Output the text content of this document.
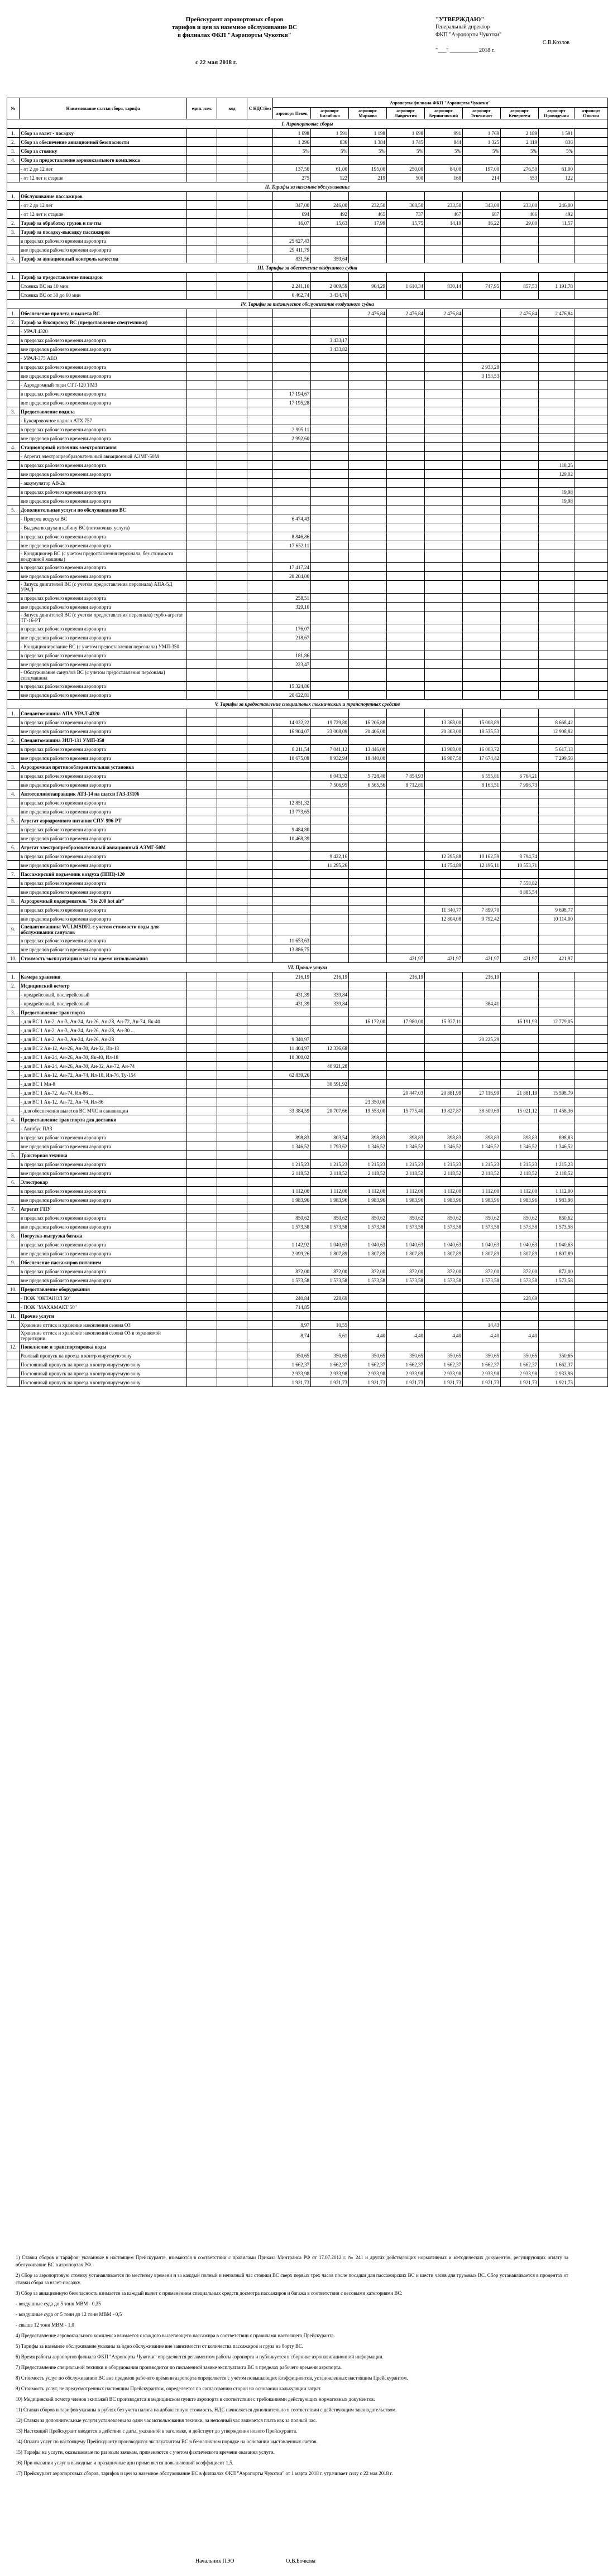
Прейскурант аэропортовых сборов
тарифов и цен за наземное обслуживание ВС
в филиалах ФКП "Аэропорты Чукотки"
с 22 мая 2018 г.
"УТВЕРЖДАЮ"
Генеральный директор
ФКП "Аэропорты Чукотки"
С.В.Козлов
"___" __________ 2018 г.
№	Наименование статьи сбора, тарифа	един. изм.	код	С НДС/Без	Аэропорты филиала ФКП "Аэропорты Чукотки"								
					аэропорт Певек	аэропорт Билибино	аэропорт Марково	аэропорт Лаврентия	аэропорт Беринговский	аэропорт Эгвекинот	аэропорт Кепервеем	аэропорт Провидения	аэропорт Омолон
I. Аэропортовые сборы													
1.	Сбор за взлет - посадку				1 698	1 591	1 198	1 698	991	1 769	2 189	1 591	
2.	Сбор за обеспечение авиационной безопасности				1 296	836	1 384	1 745	844	1 325	2 119	836	
3.	Сбор за стоянку				5%	5%	5%	5%	5%	5%	5%	5%	
4.	Сбор за предоставление аэровокзального комплекса												
	- от 2 до 12 лет				137,50	61,00	195,00	250,00	84,00	197,00	276,50	61,00	
	- от 12 лет и старше				275	122	219	500	168	214	553	122	
II. Тарифы за наземное обслуживание													
1.	Обслуживание пассажиров												
	- от 2 до 12 лет				347,00	246,00	232,50	368,50	233,50	343,00	233,00	246,00	
	- от 12 лет и старше				694	492	465	737	467	687	466	492	
2.	Тариф за обработку грузов и почты				16,07	15,63	17,99	15,75	14,19	16,22	29,00	11,57	
3.	Тариф за посадку-высадку пассажиров												
	в пределах рабочего времени аэропорта				25 627,43								
	вне пределов рабочего времени аэропорта				29 411,79								
4.	Тариф за авиационный контроль качества				831,56	359,64							
III. Тарифы за обеспечение воздушного судна													
1.	Тариф за предоставление площадок												
	Стоянка ВС на 10 мин				2 241,10	2 009,59	904,29	1 610,34	830,14	747,95	857,53	1 191,78	
	Стоянка ВС от 30 до 60 мин				6 462,74	3 434,70							
IV. Тарифы за техническое обслуживание воздушного судна													
1.	Обеспечение прилета и вылета ВС						2 476,84	2 476,84	2 476,84		2 476,84	2 476,84	
2.	Тариф за буксировку ВС (предоставление спецтехники)												
	- УРАЛ 4320												
	в пределах рабочего времени аэропорта					3 433,17							
	вне пределов рабочего времени аэропорта					3 433,82							
	- УРАЛ-375 АЕО												
	в пределах рабочего времени аэропорта									2 933,28			
	вне пределов рабочего времени аэропорта									3 153,53			
	- Аэродромный тягач СТТ-120 ТМЗ												
	в пределах рабочего времени аэропорта				17 194,67								
	вне пределов рабочего времени аэропорта				17 195,28								
3.	Предоставление водила												
	- Буксировочное водило АТХ 757												
	в пределах рабочего времени аэропорта				2 995,11								
	вне пределов рабочего времени аэропорта				2 992,60								
4.	Стационарный источник электропитания												
	- Агрегат электропреобразовательный авиационный АЭМГ-50М												
	в пределах рабочего времени аэропорта											118,25	
	вне пределов рабочего времени аэропорта											129,02	
	- аккумулятор АВ-2к												
	в пределах рабочего времени аэропорта											19,98	
	вне пределов рабочего времени аэропорта											19,98	
5.	Дополнительные услуги по обслуживанию ВС												
	- Прогрев воздуха ВС				6 474,43								
	- Выдача воздуха в кабину ВС (потолочная услуга)												
	в пределах рабочего времени аэропорта				8 846,86								
	вне пределов рабочего времени аэропорта				17 652,11								
	- Кондиционер ВС (с учетом предоставления персонала, без стоимости воздушной машины)												
	в пределах рабочего времени аэропорта				17 417,24								
	вне пределов рабочего времени аэропорта				20 204,00								
	- Запуск двигателей ВС (с учетом предоставления персонала) АПА-5Д УРАЛ												
	в пределах рабочего времени аэропорта				258,51								
	вне пределов рабочего времени аэропорта				329,10								
	- Запуск двигателей ВС (с учетом предоставления персонала) турбо-агрегат ТГ-16-РТ												
	в пределах рабочего времени аэропорта				176,07								
	вне пределов рабочего времени аэропорта				218,67								
	- Кондиционирование ВС (с учетом предоставления персонала) УМП-350												
	в пределах рабочего времени аэропорта				181,86								
	вне пределов рабочего времени аэропорта				223,47								
	- Обслуживание санузлов ВС (с учетом предоставления персонала) спецмашина												
	в пределах рабочего времени аэропорта				15 324,86								
	вне пределов рабочего времени аэропорта				20 622,81								
V. Тарифы за предоставление специальных технических и транспортных средств													
1.	Спецавтомашина АПА УРАЛ-4320												
	в пределах рабочего времени аэропорта				14 032,22	19 729,80	16 206,88		13 368,00	15 008,89		8 668,42	
	вне пределов рабочего времени аэропорта				16 904,07	23 008,09	20 406,00		20 303,00	18 535,53		12 908,82	
2.	Спецавтомашина ЗИЛ-131 УМП-350												
	в пределах рабочего времени аэропорта				8 211,54	7 041,12	13 446,00		13 908,00	16 003,72		5 617,13	
	вне пределов рабочего времени аэропорта				10 675,08	9 932,94	18 440,00		16 987,50	17 674,42		7 299,56	
3.	Аэродромная противообледенительная установка												
	в пределах рабочего времени аэропорта					6 043,32	5 728,40	7 854,93		6 555,81	6 764,21		
	вне пределов рабочего времени аэропорта					7 506,95	6 565,56	8 712,81		8 163,51	7 996,73		
4.	Автотопливозаправщик АТЗ-14 на шасси ГАЗ-33106												
	в пределах рабочего времени аэропорта				12 851,32								
	вне пределов рабочего времени аэропорта				13 773,65								
5.	Агрегат аэродромного питания СПУ-996-РТ												
	в пределах рабочего времени аэропорта				9 484,80								
	вне пределов рабочего времени аэропорта				10 468,39								
6.	Агрегат электропреобразовательный авиационный АЭМГ-50М												
	в пределах рабочего времени аэропорта					9 422,16			12 295,88	10 162,59	8 794,74		
	вне пределов рабочего времени аэропорта					11 295,26			14 754,89	12 195,11	10 553,71		
7.	Пассажирский подъемник воздуха (ППП)-120												
	в пределах рабочего времени аэропорта										7 558,82		
	вне пределов рабочего времени аэропорта										8 885,54		
8.	Аэродромный подогреватель "Ste 200 hot air"												
	в пределах рабочего времени аэропорта								11 340,77	7 899,70		9 698,77	
	вне пределов рабочего времени аэропорта								12 804,08	9 792,42		10 114,00	
9.	Спецавтомашина WULMSDFL с учетом стоимости воды для обслуживания санузлов												
	в пределах рабочего времени аэропорта				11 653,63								
	вне пределов рабочего времени аэропорта				13 886,75								
10.	Стоимость эксплуатации в час на время использования							421,97	421,97	421,97	421,97	421,97	
VI. Прочие услуги													
1.	Камера хранения				216,19	216,19		216,19		216,19			
2.	Медицинский осмотр												
	- предрейсовый, послерейсовый				431,39	339,84							
	- предрейсовый, послерейсовый				431,39	339,84				384,41			
3.	Предоставление транспорта												
	- для ВС 1 Ан-2, Ан-3, Ан-24, Ан-26, Ан-28, Ан-72, Ан-74, Як-40						16 172,00	17 980,00	15 937,11		16 191,93	12 779,05	
	- для ВС 1 Ан-2, Ан-3, Ан-24, Ан-26, Ан-28, Ан-30 ...												
	- для ВС 1 Ан-2, Ан-3, Ан-24, Ан-26, Ан-28				9 340,97					20 225,29			
	- для ВС 2 Ан-12, Ан-26, Ан-30, Ан-32, Ил-18				11 404,97	12 336,68							
	- для ВС 1 Ан-24, Ан-26, Ан-30, Як-40, Ил-18				10 300,02								
	- для ВС 1 Ан-24, Ан-26, Ан-30, Ан-32, Ан-72, Ан-74					40 921,28							
	- для ВС 1 Ан-12, Ан-72, Ан-74, Ил-18, Ил-76, Ту-154				62 839,26								
	- для ВС 1 Ми-8					30 591,92							
	- для ВС 1 Ан-72, Ан-74, Ил-86 ...							20 447,03	20 881,99	27 116,99	21 881,19	15 598,79	
	- для ВС 1 Ан-12, Ан-72, Ан-74, Ил-86						23 350,00						
	- для обеспечения вылетов ВС МЧС и санавиации				33 384,59	20 707,66	19 553,00	15 775,40	19 827,87	38 509,69	15 021,12	11 458,36	
4.	Предоставление транспорта для доставки												
	- Автобус ПАЗ												
	в пределах рабочего времени аэропорта				898,83	803,54	898,83	898,83	898,83	898,83	898,83	898,83	
	вне пределов рабочего времени аэропорта				1 346,52	1 793,62	1 346,52	1 346,52	1 346,52	1 346,52	1 346,52	1 346,52	
5.	Тракторная техника												
	в пределах рабочего времени аэропорта				1 215,23	1 215,23	1 215,23	1 215,23	1 215,23	1 215,23	1 215,23	1 215,23	
	вне пределов рабочего времени аэропорта				2 118,52	2 118,52	2 118,52	2 118,52	2 118,52	2 118,52	2 118,52	2 118,52	
6.	Электрокар												
	в пределах рабочего времени аэропорта				1 112,00	1 112,00	1 112,00	1 112,00	1 112,00	1 112,00	1 112,00	1 112,00	
	вне пределов рабочего времени аэропорта				1 983,96	1 983,96	1 983,96	1 983,96	1 983,96	1 983,96	1 983,96	1 983,96	
7.	Агрегат ГПУ												
	в пределах рабочего времени аэропорта				850,62	850,62	850,62	850,62	850,62	850,62	850,62	850,62	
	вне пределов рабочего времени аэропорта				1 573,58	1 573,58	1 573,58	1 573,58	1 573,58	1 573,58	1 573,58	1 573,58	
8.	Погрузка-выгрузка багажа												
	в пределах рабочего времени аэропорта				1 142,92	1 040,63	1 040,63	1 040,63	1 040,63	1 040,63	1 040,63	1 040,63	
	вне пределов рабочего времени аэропорта				2 099,26	1 807,89	1 807,89	1 807,89	1 807,89	1 807,89	1 807,89	1 807,89	
9.	Обеспечение пассажиров питанием												
	в пределах рабочего времени аэропорта				872,00	872,00	872,00	872,00	872,00	872,00	872,00	872,00	
	вне пределов рабочего времени аэропорта				1 573,58	1 573,58	1 573,58	1 573,58	1 573,58	1 573,58	1 573,58	1 573,58	
10.	Предоставление оборудования												
	- ПОЖ "ОКТАНОЛ 50"				240,84	228,69					228,69		
	- ПОЖ "МАХАМАКТ 50"				714,85								
11.	Прочие услуги												
	Хранение оттиск и хранение накопления сезона ОЗ				8,97	10,55				14,43			
	Хранение оттиск и хранение накопления сезона ОЗ в охраняемой территории				8,74	5,61	4,40	4,40	4,40	4,40	4,40		
12.	Пополнение и транспортировка воды												
	Разовый пропуск на проезд в контролируемую зону				350,65	350,65	350,65	350,65	350,65	350,65	350,65	350,65	
	Постоянный пропуск на проезд в контролируемую зону				1 662,37	1 662,37	1 662,37	1 662,37	1 662,37	1 662,37	1 662,37	1 662,37	
	Постоянный пропуск на проезд в контролируемую зону				2 933,98	2 933,98	2 933,98	2 933,98	2 933,98	2 933,98	2 933,98	2 933,98	
	Постоянный пропуск на проезд в контролируемую зону				1 921,73	1 921,73	1 921,73	1 921,73	1 921,73	1 921,73	1 921,73	1 921,73	

1) Ставки сборов и тарифов, указанные в настоящем Прейскуранте, взимаются в соответствии с правилами Приказа Минтранса РФ от 17.07.2012 г. № 241 и других действующих нормативных и методических документов, регулирующих оплату за обслуживание ВС в аэропортах РФ.

2) Сбор за аэропортовую стоянку устанавливается по местному времени и за каждый полный и неполный час стоянки ВС сверх первых трех часов после посадки для пассажирских ВС и шести часов для грузовых ВС. Сбор устанавливается в процентах от ставки сбора за взлет-посадку.

3) Сбор за авиационную безопасность взимается за каждый вылет с применением специальных средств досмотра пассажиров и багажа в соответствии с весовыми категориями ВС:

- воздушные суда до 5 тонн МВМ - 0,35

- воздушные суда от 5 тонн до 12 тонн МВМ - 0,5

- свыше 12 тонн МВМ - 1,0

4) Предоставление аэровокзального комплекса взимается с каждого вылетающего пассажира в соответствии с правилами настоящего Прейскуранта.

5) Тарифы за наземное обслуживание указаны за одно обслуживание вне зависимости от количества пассажиров и груза на борту ВС.

6) Время работы аэропортов филиала ФКП "Аэропорты Чукотки" определяется регламентом работы аэропорта и публикуется в сборнике аэронавигационной информации.

7) Предоставление специальной техники и оборудования производится по письменной заявке эксплуатанта ВС в пределах рабочего времени аэропорта.

8) Стоимость услуг по обслуживанию ВС вне пределов рабочего времени аэропорта определяется с учетом повышающих коэффициентов, установленных настоящим Прейскурантом.

9) Стоимость услуг, не предусмотренных настоящим Прейскурантом, определяется по согласованию сторон на основании калькуляции затрат.

10) Медицинский осмотр членов экипажей ВС производится в медицинском пункте аэропорта в соответствии с требованиями действующих нормативных документов.

11) Ставки сборов и тарифов указаны в рублях без учета налога на добавленную стоимость. НДС начисляется дополнительно в соответствии с действующим законодательством.

12) Ставки за дополнительные услуги установлены за один час использования техники, за неполный час взимается плата как за полный час.

13) Настоящий Прейскурант вводится в действие с даты, указанной в заголовке, и действует до утверждения нового Прейскуранта.

14) Оплата услуг по настоящему Прейскуранту производится эксплуатантом ВС в безналичном порядке на основании выставленных счетов.

15) Тарифы на услуги, оказываемые по разовым заявкам, применяются с учетом фактического времени оказания услуги.

16) При оказании услуг в выходные и праздничные дни применяется повышающий коэффициент 1,5.

17) Прейскурант аэропортовых сборов, тарифов и цен за наземное обслуживание ВС в филиалах ФКП "Аэропорты Чукотки" от 1 марта 2018 г. утрачивает силу с 22 мая 2018 г.

Начальник ПЭО	О.В.Бочкова
